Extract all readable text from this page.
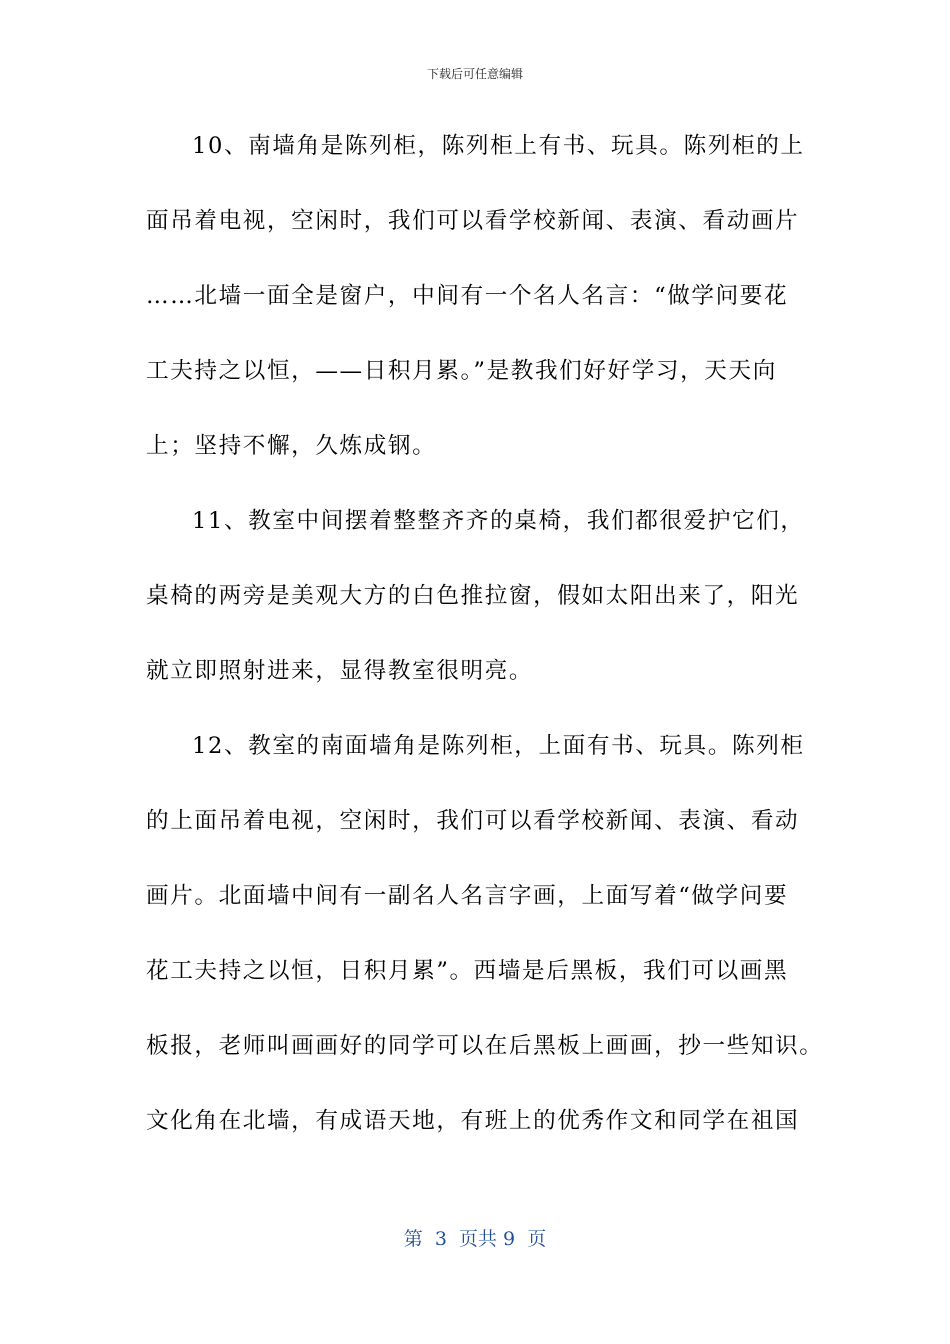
下载后可任意编辑
10、南墙角是陈列柜，陈列柜上有书、玩具。陈列柜的上
面吊着电视，空闲时，我们可以看学校新闻、表演、看动画片
……北墙一面全是窗户，中间有一个名人名言：“做学问要花
工夫持之以恒，——日积月累。”是教我们好好学习，天天向
上；坚持不懈，久炼成钢。
11、教室中间摆着整整齐齐的桌椅，我们都很爱护它们，
桌椅的两旁是美观大方的白色推拉窗，假如太阳出来了，阳光
就立即照射进来，显得教室很明亮。
12、教室的南面墙角是陈列柜，上面有书、玩具。陈列柜
的上面吊着电视，空闲时，我们可以看学校新闻、表演、看动
画片。北面墙中间有一副名人名言字画，上面写着“做学问要
花工夫持之以恒，日积月累”。西墙是后黑板，我们可以画黑
板报，老师叫画画好的同学可以在后黑板上画画，抄一些知识。
文化角在北墙，有成语天地，有班上的优秀作文和同学在祖国
第  3  页共 9  页
